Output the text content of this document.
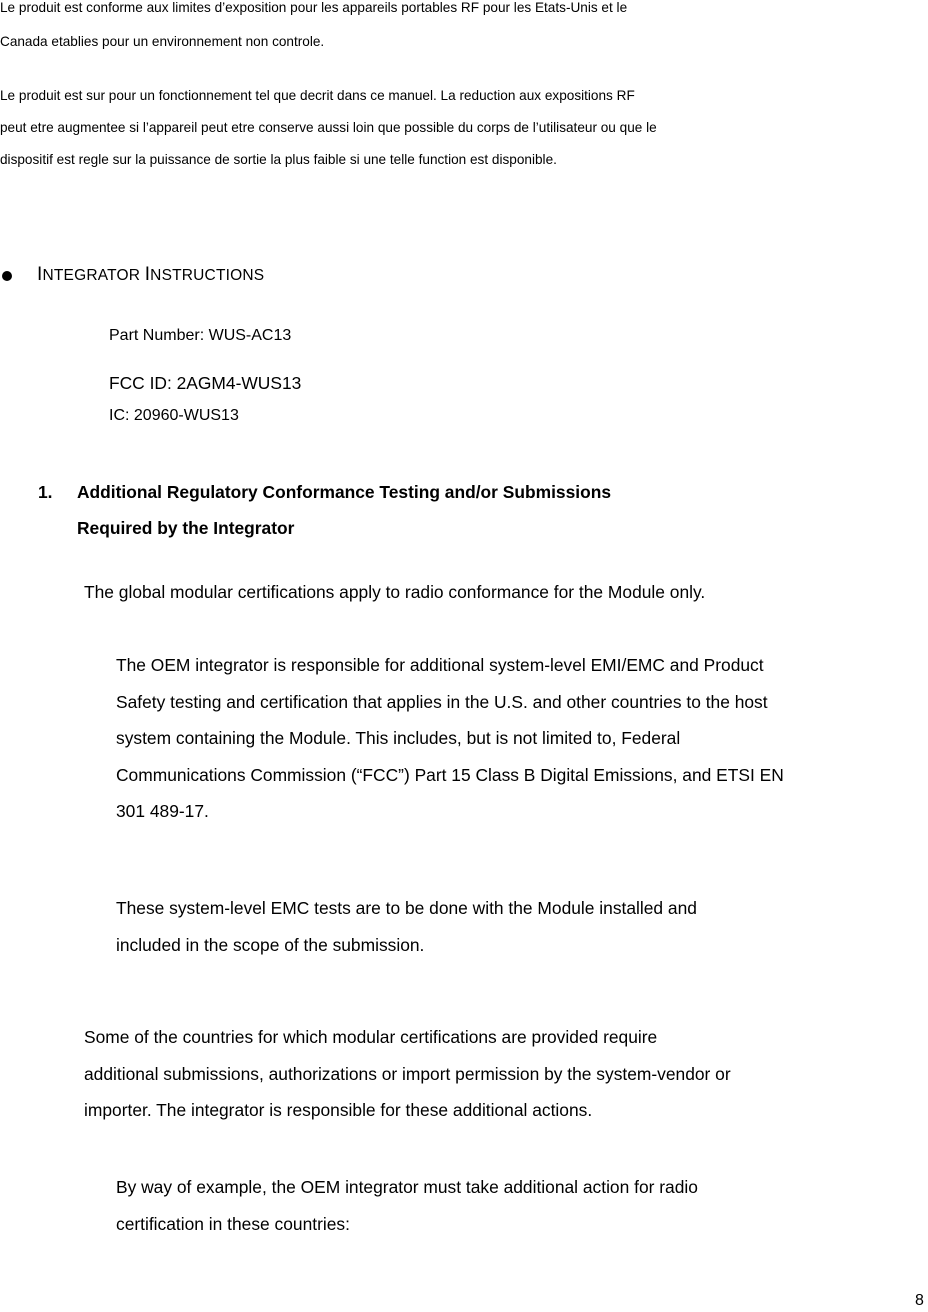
Le produit est conforme aux limites d’exposition pour les appareils portables RF pour les Etats-Unis et le
Canada etablies pour un environnement non controle.
Le produit est sur pour un fonctionnement tel que decrit dans ce manuel. La reduction aux expositions RF
peut etre augmentee si l’appareil peut etre conserve aussi loin que possible du corps de l’utilisateur ou que le
dispositif est regle sur la puissance de sortie la plus faible si une telle function est disponible.
INTEGRATOR INSTRUCTIONS
Part Number: WUS-AC13
FCC ID: 2AGM4-WUS13
IC: 20960-WUS13
1. Additional Regulatory Conformance Testing and/or Submissions
Required by the Integrator
The global modular certifications apply to radio conformance for the Module only.
The OEM integrator is responsible for additional system-level EMI/EMC and Product
Safety testing and certification that applies in the U.S. and other countries to the host
system containing the Module. This includes, but is not limited to, Federal
Communications Commission (“FCC”) Part 15 Class B Digital Emissions, and ETSI EN
301 489-17.
These system-level EMC tests are to be done with the Module installed and
included in the scope of the submission.
Some of the countries for which modular certifications are provided require
additional submissions, authorizations or import permission by the system-vendor or
importer. The integrator is responsible for these additional actions.
By way of example, the OEM integrator must take additional action for radio
certification in these countries:
8
